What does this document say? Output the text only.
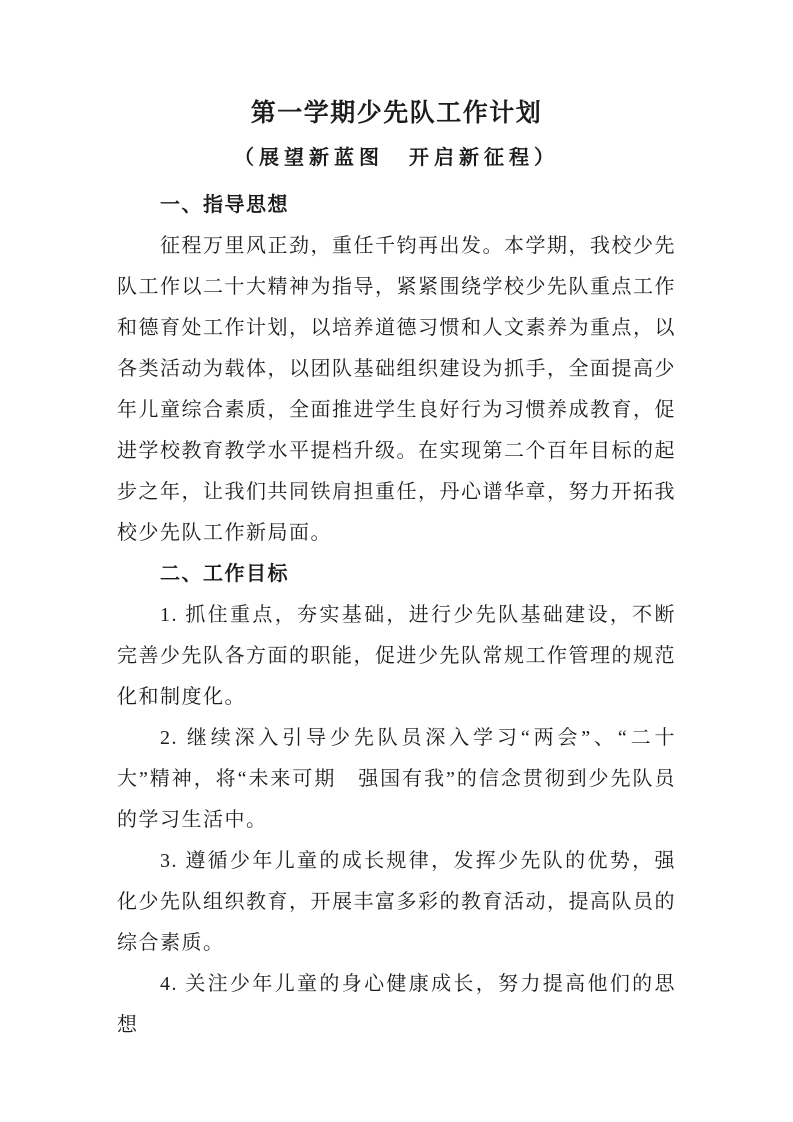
第一学期少先队工作计划
（展望新蓝图　开启新征程）
一、指导思想

征程万里风正劲，重任千钧再出发。本学期，我校少先队工作以二十大精神为指导，紧紧围绕学校少先队重点工作和德育处工作计划，以培养道德习惯和人文素养为重点，以各类活动为载体，以团队基础组织建设为抓手，全面提高少年儿童综合素质，全面推进学生良好行为习惯养成教育，促进学校教育教学水平提档升级。在实现第二个百年目标的起步之年，让我们共同铁肩担重任，丹心谱华章，努力开拓我校少先队工作新局面。

二、工作目标

1. 抓住重点，夯实基础，进行少先队基础建设，不断完善少先队各方面的职能，促进少先队常规工作管理的规范化和制度化。

2. 继续深入引导少先队员深入学习“两会”、“二十大”精神，将“未来可期　强国有我”的信念贯彻到少先队员的学习生活中。

3. 遵循少年儿童的成长规律，发挥少先队的优势，强化少先队组织教育，开展丰富多彩的教育活动，提高队员的综合素质。

4. 关注少年儿童的身心健康成长，努力提高他们的思想
